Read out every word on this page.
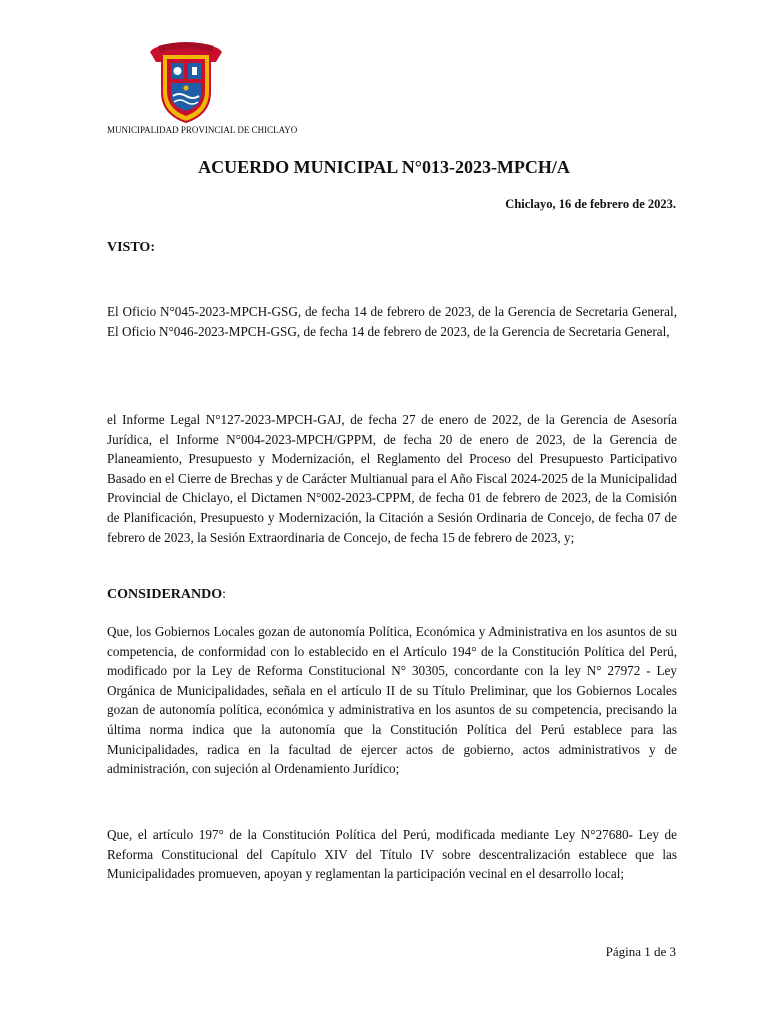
MUNICIPALIDAD PROVINCIAL DE CHICLAYO
ACUERDO MUNICIPAL N°013-2023-MPCH/A
Chiclayo, 16 de febrero de 2023.
VISTO:
El Oficio N°045-2023-MPCH-GSG, de fecha 14 de febrero de 2023, de la Gerencia de Secretaria General, El Oficio N°046-2023-MPCH-GSG, de fecha 14 de febrero de 2023, de la Gerencia de Secretaria General,
el Informe Legal N°127-2023-MPCH-GAJ, de fecha 27 de enero de 2022, de la Gerencia de Asesoría Jurídica, el Informe N°004-2023-MPCH/GPPM, de fecha 20 de enero de 2023, de la Gerencia de Planeamiento, Presupuesto y Modernización, el Reglamento del Proceso del Presupuesto Participativo Basado en el Cierre de Brechas y de Carácter Multianual para el Año Fiscal 2024-2025 de la Municipalidad Provincial de Chiclayo, el Dictamen N°002-2023-CPPM, de fecha 01 de febrero de 2023, de la Comisión de Planificación, Presupuesto y Modernización, la Citación a Sesión Ordinaria de Concejo, de fecha 07 de febrero de 2023, la Sesión Extraordinaria de Concejo, de fecha 15 de febrero de 2023, y;
CONSIDERANDO:
Que, los Gobiernos Locales gozan de autonomía Política, Económica y Administrativa en los asuntos de su competencia, de conformidad con lo establecido en el Artículo 194° de la Constitución Política del Perú, modificado por la Ley de Reforma Constitucional N° 30305, concordante con la ley N° 27972 - Ley Orgánica de Municipalidades, señala en el artículo II de su Título Preliminar, que los Gobiernos Locales gozan de autonomía política, económica y administrativa en los asuntos de su competencia, precisando la última norma indica que la autonomía que la Constitución Política del Perú establece para las Municipalidades, radica en la facultad de ejercer actos de gobierno, actos administrativos y de administración, con sujeción al Ordenamiento Jurídico;
Que, el artículo 197° de la Constitución Política del Perú, modificada mediante Ley N°27680- Ley de Reforma Constitucional del Capítulo XIV del Título IV sobre descentralización establece que las Municipalidades promueven, apoyan y reglamentan la participación vecinal en el desarrollo local;
Página 1 de 3
